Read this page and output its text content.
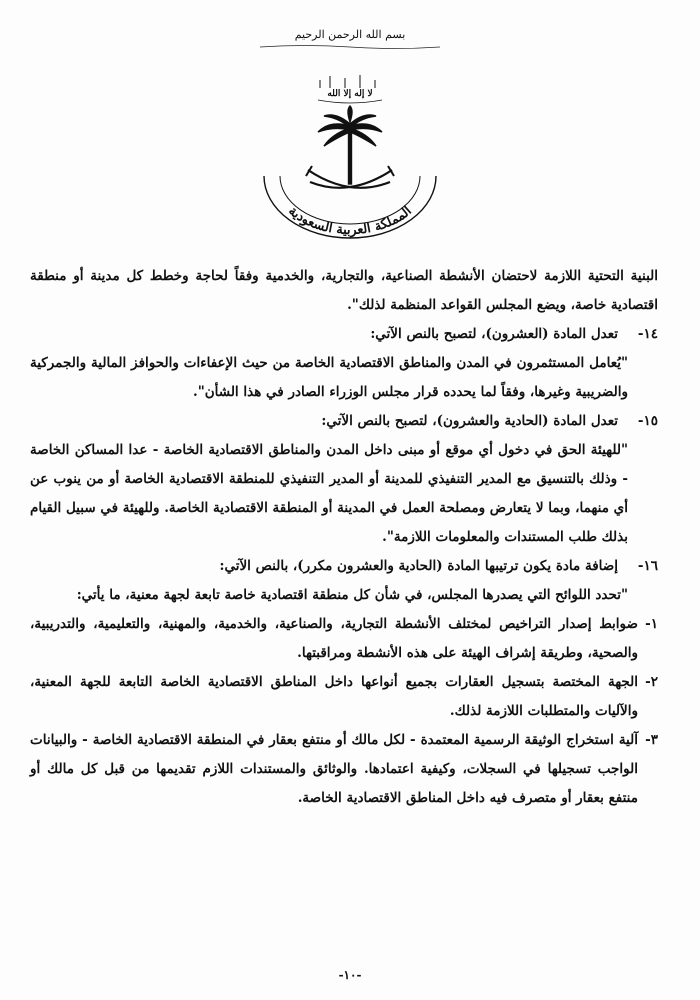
بسم الله الرحمن الرحيم
لا إله إلا الله
المملكة العربية السعودية

البنية التحتية اللازمة لاحتضان الأنشطة الصناعية، والتجارية، والخدمية وفقاً لحاجة وخطط كل مدينة أو منطقة اقتصادية خاصة، ويضع المجلس القواعد المنظمة لذلك".

١٤-
تعدل المادة (العشرون)، لتصبح بالنص الآتي:

"يُعامل المستثمرون في المدن والمناطق الاقتصادية الخاصة من حيث الإعفاءات والحوافز المالية والجمركية والضريبية وغيرها، وفقاً لما يحدده قرار مجلس الوزراء الصادر في هذا الشأن".

١٥-
تعدل المادة (الحادية والعشرون)، لتصبح بالنص الآتي:

"للهيئة الحق في دخول أي موقع أو مبنى داخل المدن والمناطق الاقتصادية الخاصة - عدا المساكن الخاصة - وذلك بالتنسيق مع المدير التنفيذي للمدينة أو المدير التنفيذي للمنطقة الاقتصادية الخاصة أو من ينوب عن أي منهما، وبما لا يتعارض ومصلحة العمل في المدينة أو المنطقة الاقتصادية الخاصة. وللهيئة في سبيل القيام بذلك طلب المستندات والمعلومات اللازمة".

١٦-
إضافة مادة يكون ترتيبها المادة (الحادية والعشرون مكرر)، بالنص الآتي:

"تحدد اللوائح التي يصدرها المجلس، في شأن كل منطقة اقتصادية خاصة تابعة لجهة معنية، ما يأتي:

١-
ضوابط إصدار التراخيص لمختلف الأنشطة التجارية، والصناعية، والخدمية، والمهنية، والتعليمية، والتدريبية، والصحية، وطريقة إشراف الهيئة على هذه الأنشطة ومراقبتها.
٢-
الجهة المختصة بتسجيل العقارات بجميع أنواعها داخل المناطق الاقتصادية الخاصة التابعة للجهة المعنية، والآليات والمتطلبات اللازمة لذلك.
٣-
آلية استخراج الوثيقة الرسمية المعتمدة - لكل مالك أو منتفع بعقار في المنطقة الاقتصادية الخاصة - والبيانات الواجب تسجيلها في السجلات، وكيفية اعتمادها. والوثائق والمستندات اللازم تقديمها من قبل كل مالك أو منتفع بعقار أو متصرف فيه داخل المناطق الاقتصادية الخاصة.
-١٠-
